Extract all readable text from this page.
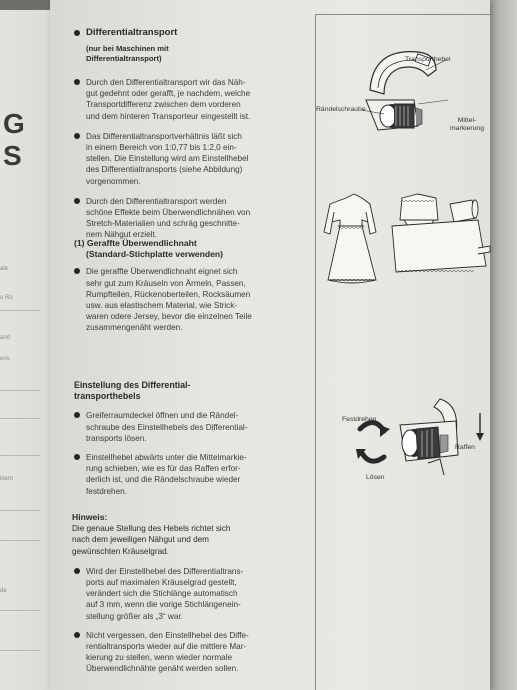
G
S
ale
u Ro
and
ens
ktern
de
Differentialtransport
(nur bei Maschinen mit
Differentialtransport)
Durch den Differentialtransport wir das Näh-
gut gedehnt oder gerafft, je nachdem, welche
Transportdifferenz zwischen dem vorderen
und dem hinteren Transporteur eingestellt ist.
Das Differentialtransportverhältnis läßt sich
in einem Bereich von 1:0,77 bis 1:2,0 ein-
stellen. Die Einstellung wird am Einstellhebel
des Differentialtransports (siehe Abbildung)
vorgenommen.
Durch den Differentialtransport werden
schöne Effekte beim Überwendlichnähen von
Stretch-Materialien und schräg geschnitte-
nem Nähgut erzielt.
(1) Geraffte Überwendlichnaht
(Standard-Stichplatte verwenden)
Die geraffte Überwendlichnaht eignet sich
sehr gut zum Kräuseln von Ärmeln, Passen,
Rumpfteilen, Rückenoberteilen, Rocksäumen
usw. aus elastischem Material, wie Strick-
waren odere Jersey, bevor die einzelnen Teile
zusammengenäht werden.
Einstellung des Differential-
transporthebels
Greiferraumdeckel öffnen und die Rändel-
schraube des Einstellhebels des Differential-
transports lösen.
Einstellhebel abwärts unter die Mittelmarkie-
rung schieben, wie es für das Raffen erfor-
derlich ist, und die Rändelschraube wieder
festdrehen.
Hinweis:
Die genaue Stellung des Hebels richtet sich
nach dem jeweiligen Nähgut und dem
gewünschten Kräuselgrad.
Wird der Einstellhebel des Differentialtrans-
ports auf maximalen Kräuselgrad gestellt,
verändert sich die Stichlänge automatisch
auf 3 mm, wenn die vorige Stichlängenein-
stellung größer als „3“ war.
Nicht vergessen, den Einstellhebel des Diffe-
rentialtransports wieder auf die mittlere Mar-
kierung zu stellen, wenn wieder normale
Überwendlichnähte genäht werden sollen.
Transporthebel
Rändelschraube
Mittel-
markierung
Festdrehen
Raffen
Lösen
